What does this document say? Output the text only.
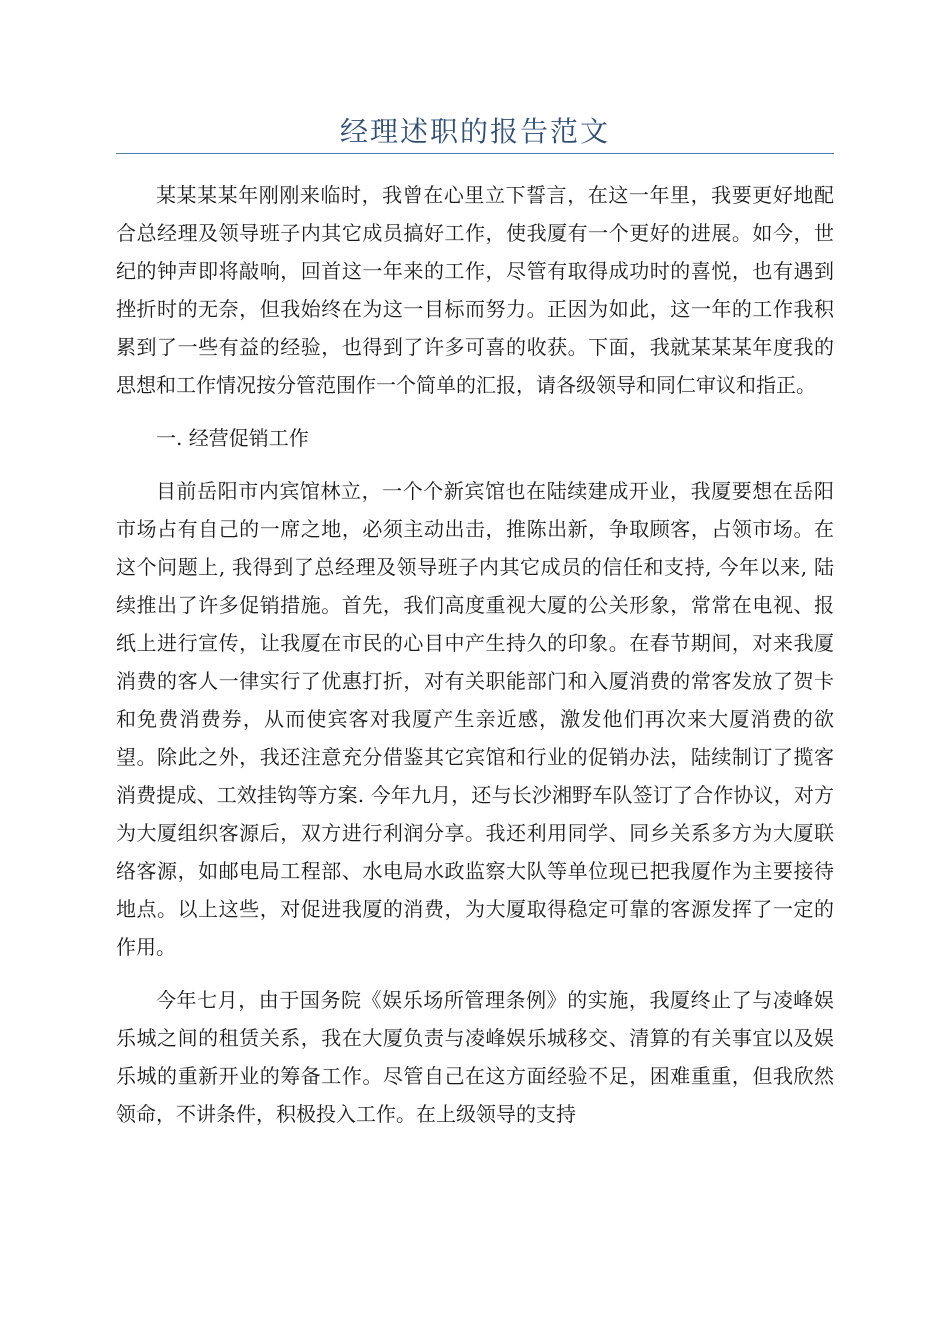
经理述职的报告范文

某某某某年刚刚来临时，我曾在心里立下誓言，在这一年里，我要更好地配合总经理及领导班子内其它成员搞好工作，使我厦有一个更好的进展。如今，世纪的钟声即将敲响，回首这一年来的工作，尽管有取得成功时的喜悦，也有遇到挫折时的无奈，但我始终在为这一目标而努力。正因为如此，这一年的工作我积累到了一些有益的经验，也得到了许多可喜的收获。下面，我就某某某年度我的思想和工作情况按分管范围作一个简单的汇报，请各级领导和同仁审议和指正。

一. 经营促销工作

目前岳阳市内宾馆林立，一个个新宾馆也在陆续建成开业，我厦要想在岳阳市场占有自己的一席之地，必须主动出击，推陈出新，争取顾客，占领市场。在这个问题上, 我得到了总经理及领导班子内其它成员的信任和支持, 今年以来, 陆续推出了许多促销措施。首先，我们高度重视大厦的公关形象，常常在电视、报纸上进行宣传，让我厦在市民的心目中产生持久的印象。在春节期间，对来我厦消费的客人一律实行了优惠打折，对有关职能部门和入厦消费的常客发放了贺卡和免费消费券，从而使宾客对我厦产生亲近感，激发他们再次来大厦消费的欲望。除此之外，我还注意充分借鉴其它宾馆和行业的促销办法，陆续制订了揽客消费提成、工效挂钩等方案. 今年九月，还与长沙湘野车队签订了合作协议，对方为大厦组织客源后，双方进行利润分享。我还利用同学、同乡关系多方为大厦联络客源，如邮电局工程部、水电局水政监察大队等单位现已把我厦作为主要接待地点。以上这些，对促进我厦的消费，为大厦取得稳定可靠的客源发挥了一定的作用。

今年七月，由于国务院《娱乐场所管理条例》的实施，我厦终止了与凌峰娱乐城之间的租赁关系，我在大厦负责与凌峰娱乐城移交、清算的有关事宜以及娱乐城的重新开业的筹备工作。尽管自己在这方面经验不足，困难重重，但我欣然领命，不讲条件，积极投入工作。在上级领导的支持
